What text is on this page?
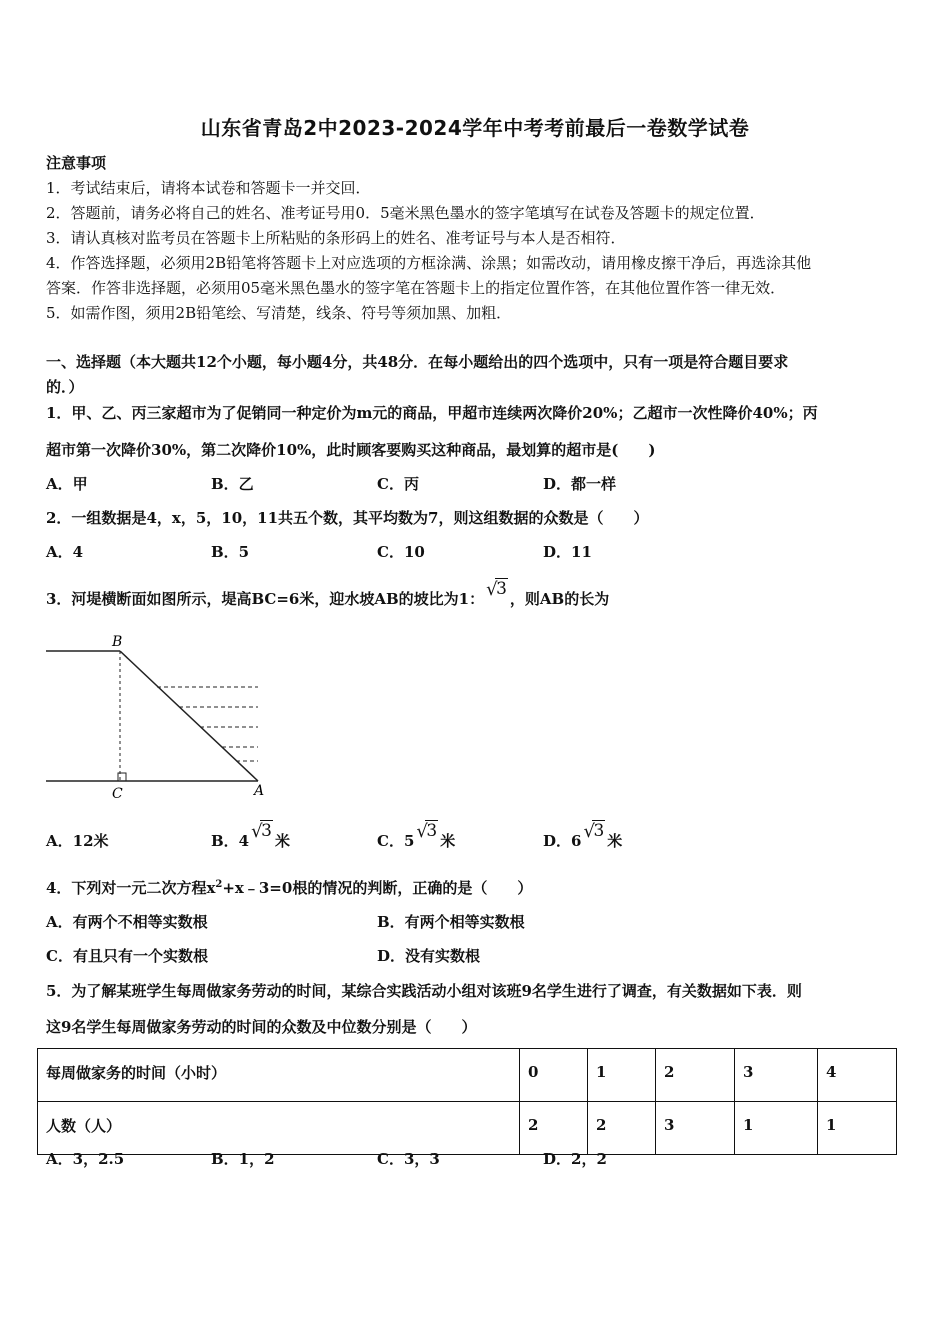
山东省青岛2中2023-2024学年中考考前最后一卷数学试卷
注意事项
1．考试结束后，请将本试卷和答题卡一并交回．
2．答题前，请务必将自己的姓名、准考证号用0．5毫米黑色墨水的签字笔填写在试卷及答题卡的规定位置．
3．请认真核对监考员在答题卡上所粘贴的条形码上的姓名、准考证号与本人是否相符．
4．作答选择题，必须用2B铅笔将答题卡上对应选项的方框涂满、涂黑；如需改动，请用橡皮擦干净后，再选涂其他
答案．作答非选择题，必须用05毫米黑色墨水的签字笔在答题卡上的指定位置作答，在其他位置作答一律无效．
5．如需作图，须用2B铅笔绘、写清楚，线条、符号等须加黑、加粗．
一、选择题（本大题共12个小题，每小题4分，共48分．在每小题给出的四个选项中，只有一项是符合题目要求
的．）
1．甲、乙、丙三家超市为了促销同一种定价为m元的商品，甲超市连续两次降价20%；乙超市一次性降价40%；丙
超市第一次降价30%，第二次降价10%，此时顾客要购买这种商品，最划算的超市是(　　)
A．甲	B．乙	C．丙	D．都一样
2．一组数据是4，x，5，10，11共五个数，其平均数为7，则这组数据的众数是（　　）
A．4	B．5	C．10	D．11
3．河堤横断面如图所示，堤高BC=6米，迎水坡AB的坡比为1： √
3 ，则AB的长为
B
C	A
A．12米	B．4 √
3 米	C．5 √
3 米	D．6 √
3 米
4．下列对一元二次方程$x^2+x﹣3=0$根的情况的判断，正确的是（　　）
A．有两个不相等实数根	B．有两个相等实数根
C．有且只有一个实数根	D．没有实数根
5．为了解某班学生每周做家务劳动的时间，某综合实践活动小组对该班9名学生进行了调查，有关数据如下表．则
这9名学生每周做家务劳动的时间的众数及中位数分别是（　　）
每周做家务的时间（小时）	0	1	2	3	4
人数（人）	2	2	3	1	1
A．3，2.5	B．1，2	C．3，3	D．2，2
